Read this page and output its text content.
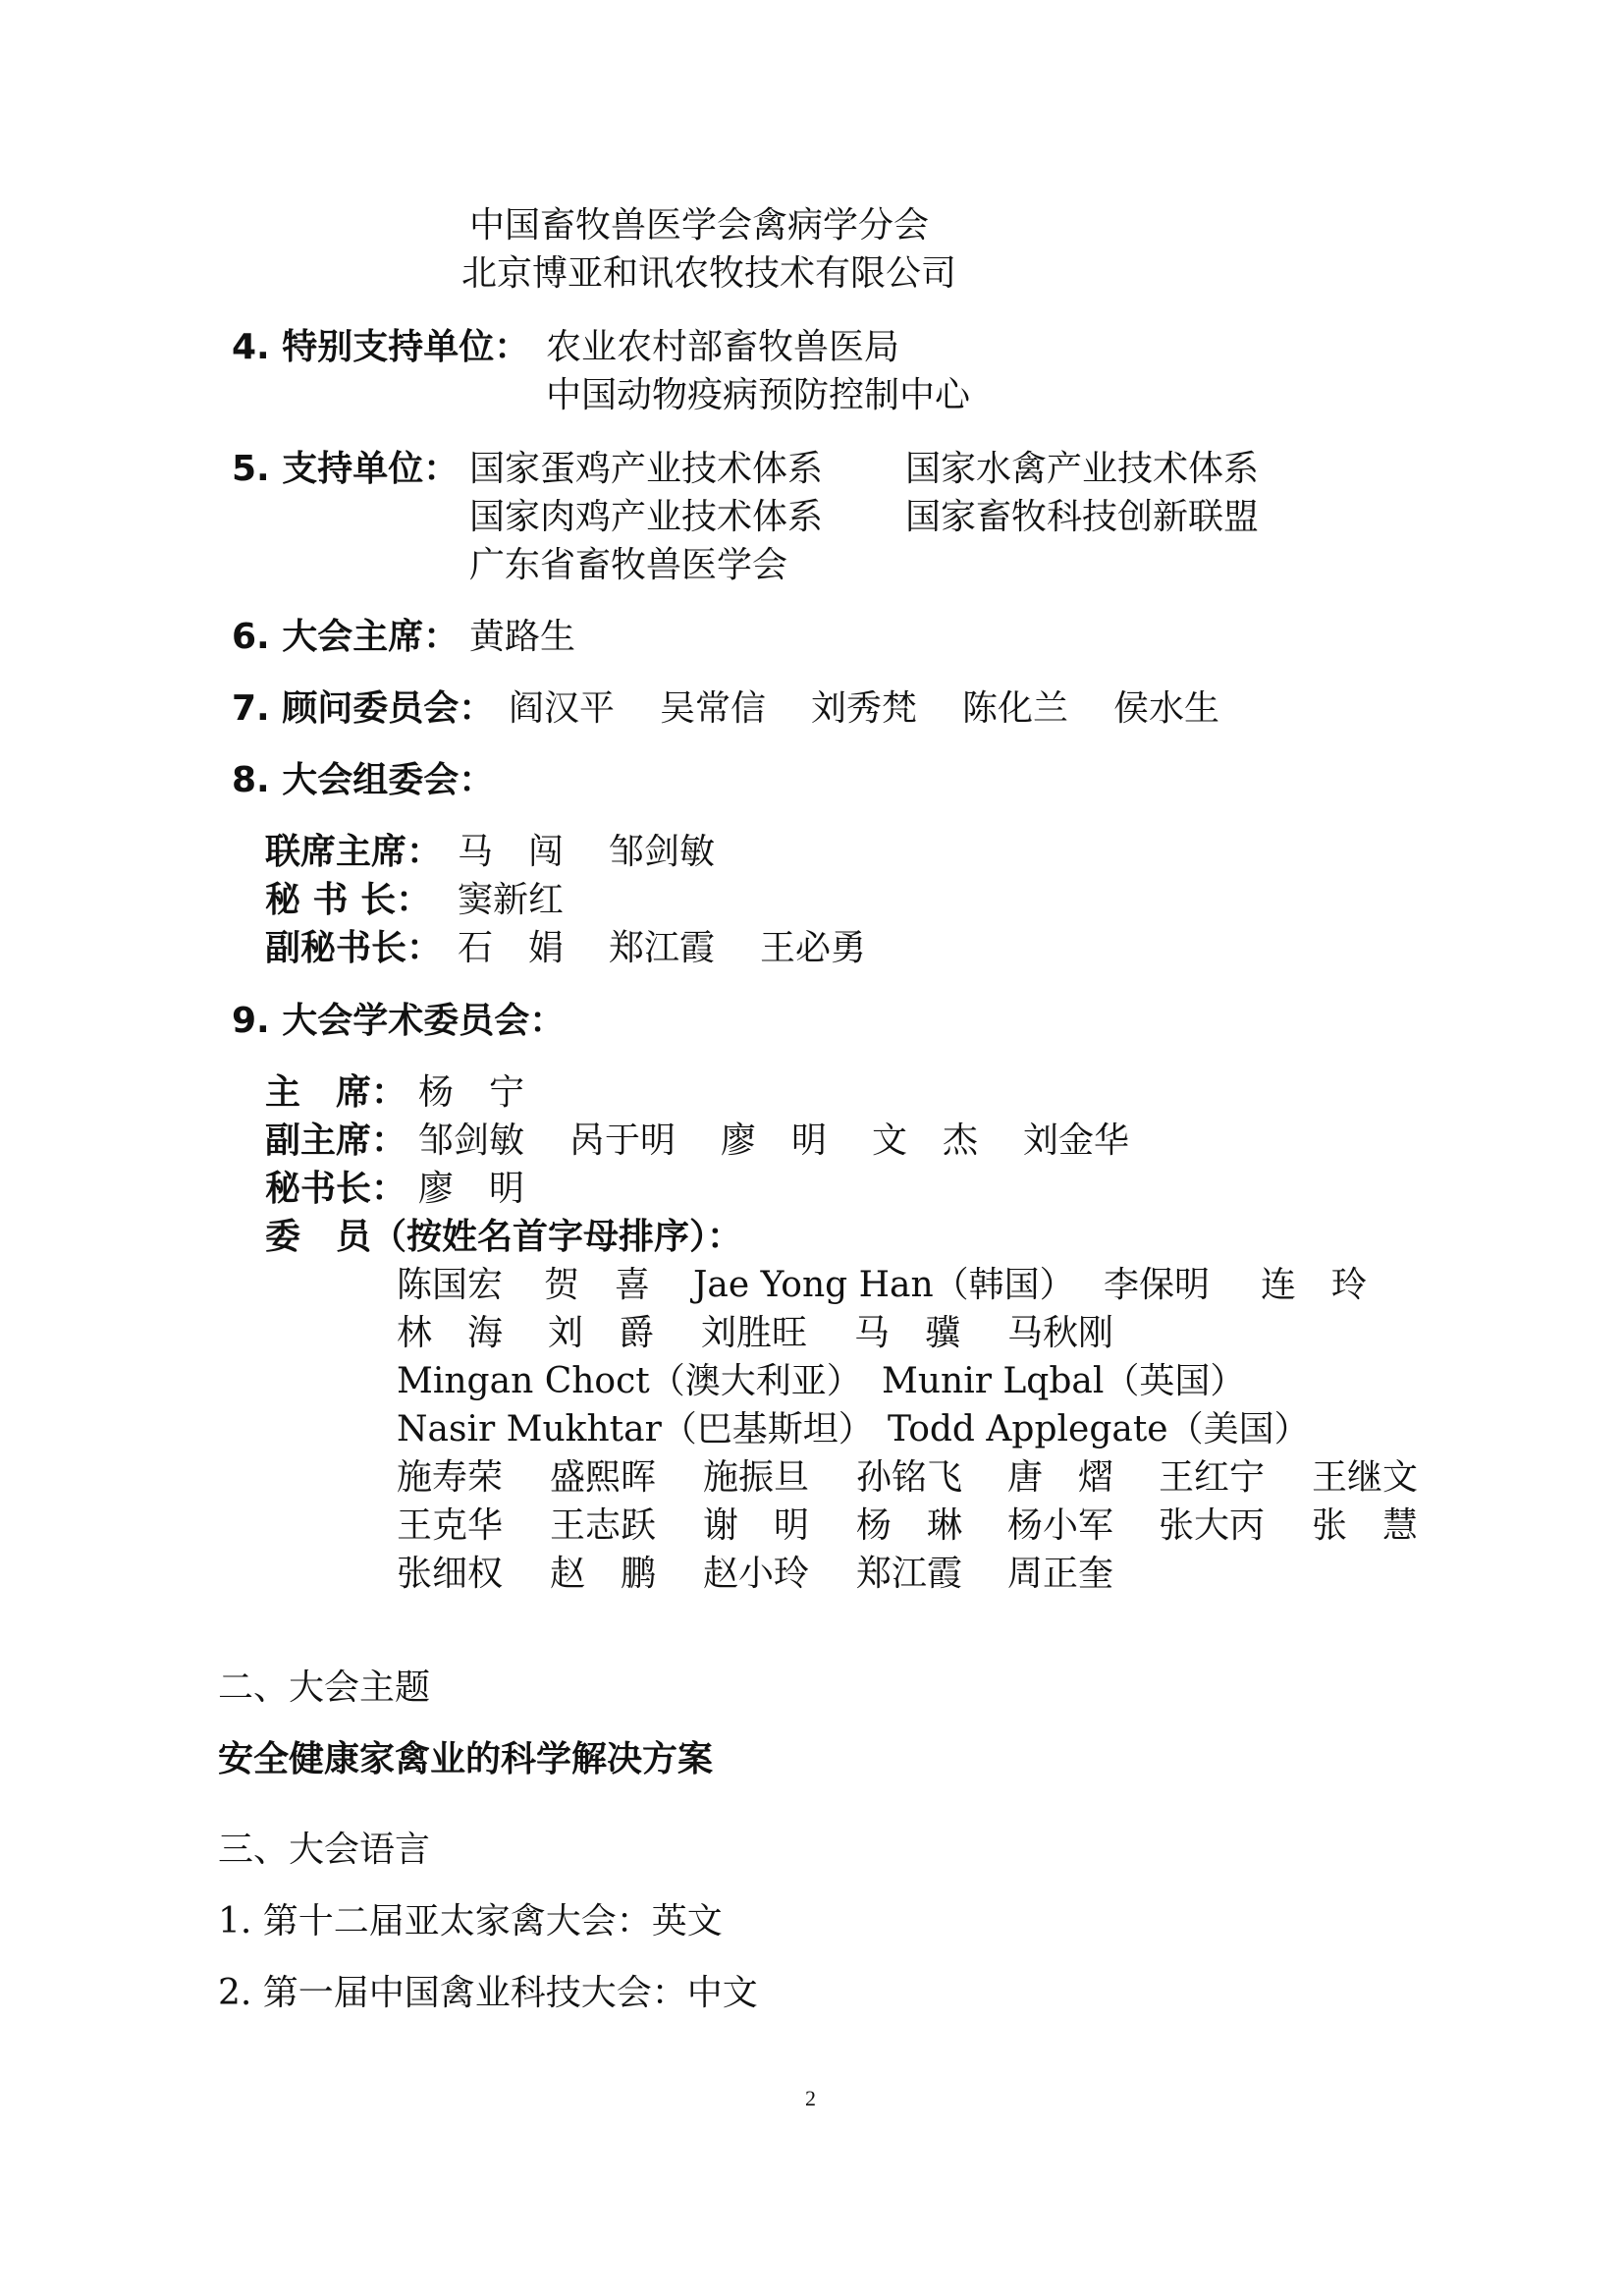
中国畜牧兽医学会禽病学分会
北京博亚和讯农牧技术有限公司
4. 特别支持单位： 农业农村部畜牧兽医局
中国动物疫病预防控制中心
5. 支持单位： 国家蛋鸡产业技术体系 国家水禽产业技术体系
国家肉鸡产业技术体系 国家畜牧科技创新联盟
广东省畜牧兽医学会
6. 大会主席： 黄路生
7. 顾问委员会： 阎汉平 吴常信 刘秀梵 陈化兰 侯水生
8. 大会组委会：
联席主席： 马　闯 邹剑敏
秘 书 长： 窦新红
副秘书长： 石　娟 郑江霞 王必勇
9. 大会学术委员会：
主　席： 杨　宁
副主席： 邹剑敏 呙于明 廖　明 文　杰 刘金华
秘书长： 廖　明
委　员（按姓名首字母排序）：
陈国宏 贺　喜 Jae Yong Han（韩国） 李保明 连　玲
林　海 刘　爵 刘胜旺 马　骥 马秋刚
Mingan Choct（澳大利亚） Munir Lqbal（英国）
Nasir Mukhtar（巴基斯坦） Todd Applegate（美国）
施寿荣 盛熙晖 施振旦 孙铭飞 唐　熠 王红宁 王继文
王克华 王志跃 谢　明 杨　琳 杨小军 张大丙 张　慧
张细权 赵　鹏 赵小玲 郑江霞 周正奎
二、大会主题
安全健康家禽业的科学解决方案
三、大会语言
1. 第十二届亚太家禽大会：英文
2. 第一届中国禽业科技大会：中文
2
